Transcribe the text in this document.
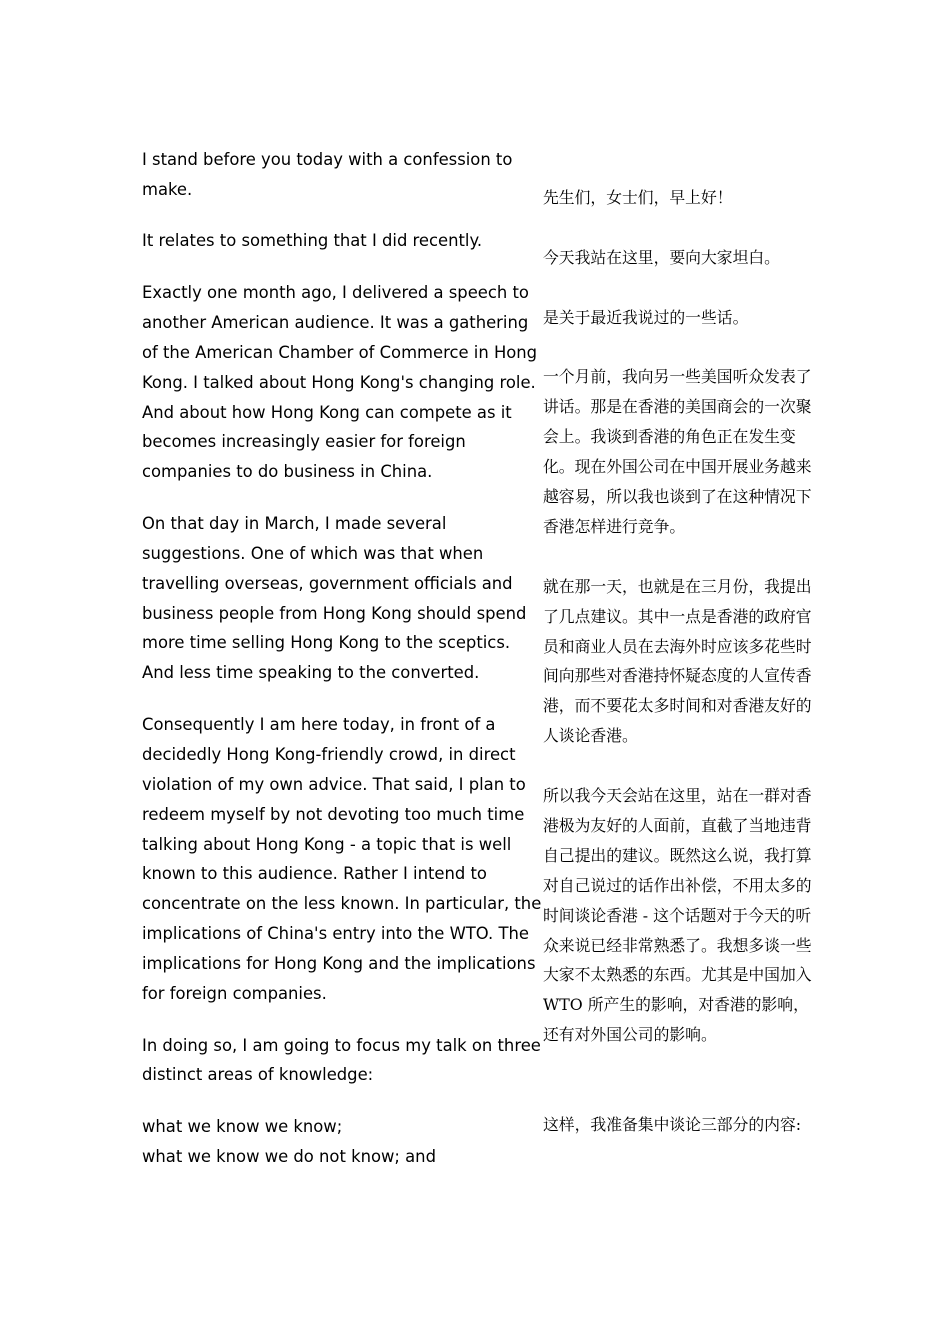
I stand before you today with a confession to make.

It relates to something that I did recently.

Exactly one month ago, I delivered a speech to another American audience. It was a gathering of the American Chamber of Commerce in Hong Kong. I talked about Hong Kong's changing role. And about how Hong Kong can compete as it becomes increasingly easier for foreign companies to do business in China.

On that day in March, I made several suggestions. One of which was that when travelling overseas, government officials and business people from Hong Kong should spend more time selling Hong Kong to the sceptics. And less time speaking to the converted.

Consequently I am here today, in front of a decidedly Hong Kong-friendly crowd, in direct violation of my own advice. That said, I plan to redeem myself by not devoting too much time talking about Hong Kong - a topic that is well known to this audience. Rather I intend to concentrate on the less known. In particular, the implications of China's entry into the WTO. The implications for Hong Kong and the implications for foreign companies.

In doing so, I am going to focus my talk on three distinct areas of knowledge:

what we know we know;
what we know we do not know; and

先生们，女士们，早上好！

今天我站在这里，要向大家坦白。

是关于最近我说过的一些话。

一个月前，我向另一些美国听众发表了讲话。那是在香港的美国商会的一次聚会上。我谈到香港的角色正在发生变化。现在外国公司在中国开展业务越来越容易，所以我也谈到了在这种情况下香港怎样进行竞争。

就在那一天，也就是在三月份，我提出了几点建议。其中一点是香港的政府官员和商业人员在去海外时应该多花些时间向那些对香港持怀疑态度的人宣传香港，而不要花太多时间和对香港友好的人谈论香港。

所以我今天会站在这里，站在一群对香港极为友好的人面前，直截了当地违背自己提出的建议。既然这么说，我打算对自己说过的话作出补偿，不用太多的时间谈论香港 - 这个话题对于今天的听众来说已经非常熟悉了。我想多谈一些大家不太熟悉的东西。尤其是中国加入 WTO 所产生的影响，对香港的影响，还有对外国公司的影响。

这样，我准备集中谈论三部分的内容:
